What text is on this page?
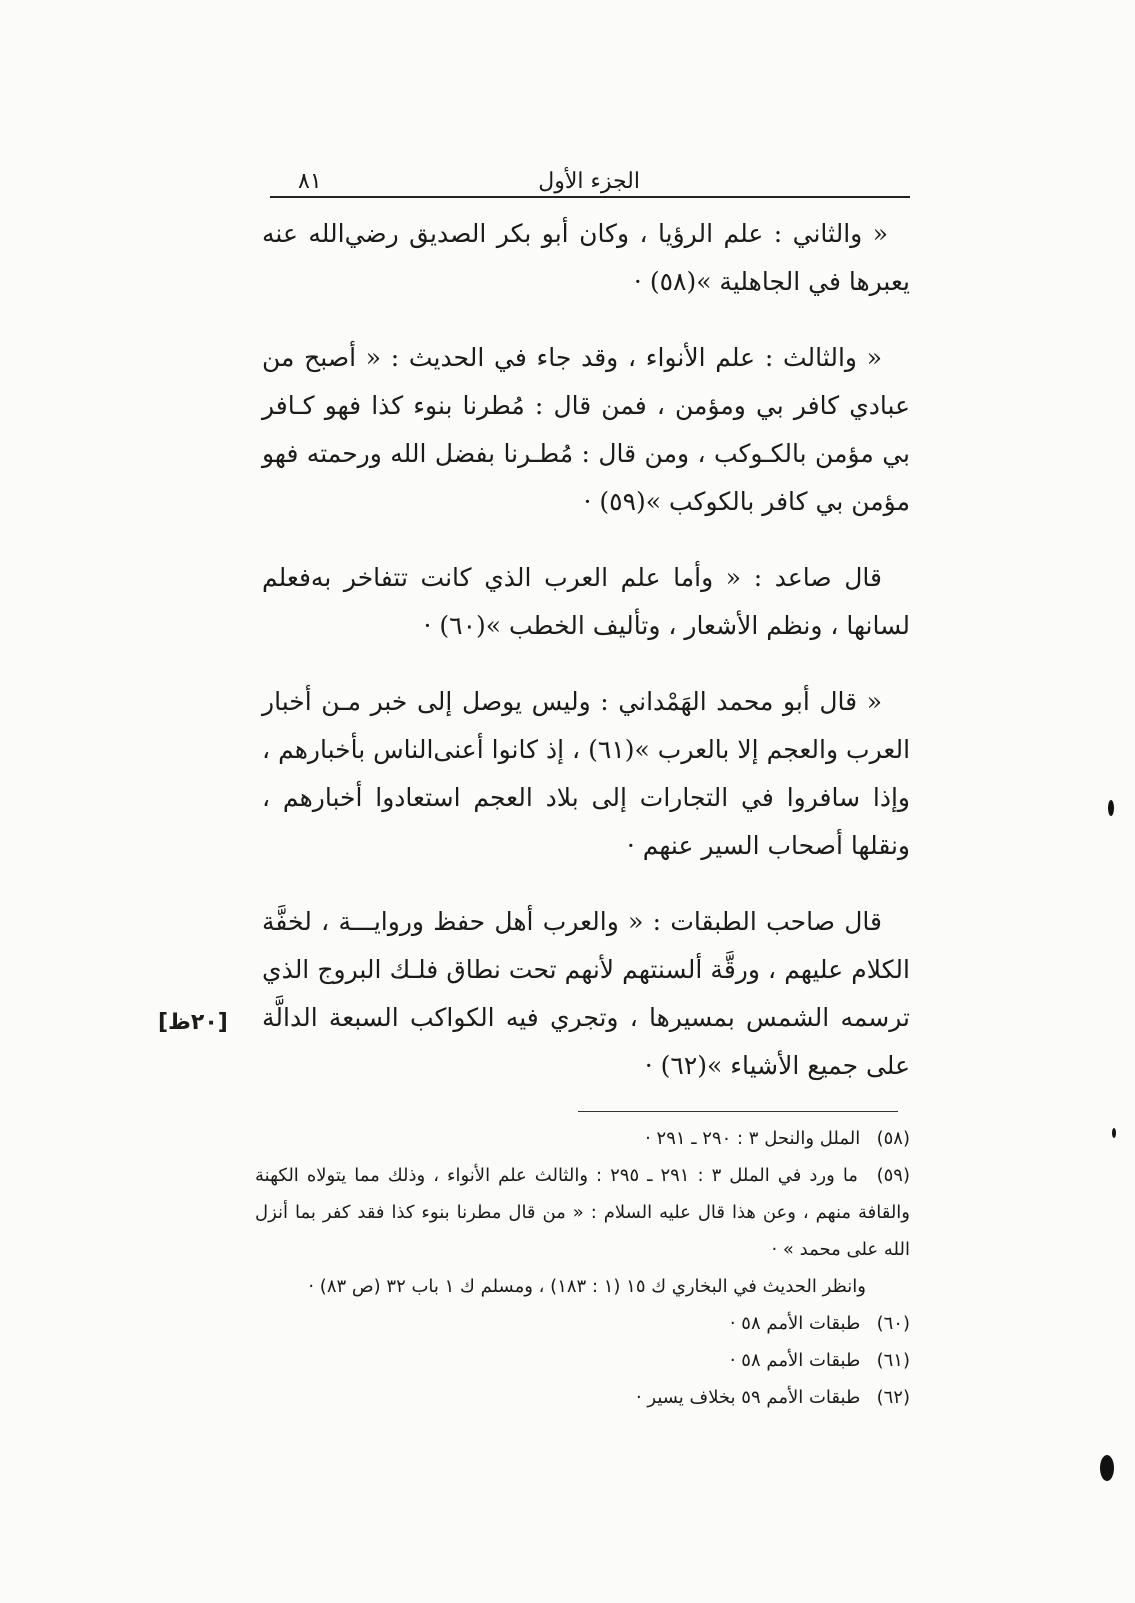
٨١	الجزء الأول

« والثاني : علم الرؤيا ، وكان أبو بكر الصديق رضي‌الله عنه يعبرها في الجاهلية »(٥٨) ·

« والثالث : علم الأنواء ، وقد جاء في الحديث : « أصبح من عبادي كافر بي ومؤمن ، فمن قال : مُطرنا بنوء كذا فهو كـافر بي مؤمن بالكـوكب ، ومن قال : مُطـرنا بفضل الله ورحمته فهو مؤمن بي كافر بالكوكب »(٥٩) ·

قال صاعد : « وأما علم العرب الذي كانت تتفاخر به‌فعلم لسانها ، ونظم الأشعار ، وتأليف الخطب »(٦٠) ·

« قال أبو محمد الهَمْداني : وليس يوصل إلى خبر مـن أخبار العرب والعجم إلا بالعرب »(٦١) ، إذ كانوا أعنى‌الناس بأخبارهم ، وإذا سافروا في التجارات إلى بلاد العجم استعادوا أخبارهم ، ونقلها أصحاب السير عنهم ·

قال صاحب الطبقات : « والعرب أهل حفظ وروايـــة ، لخفَّة الكلام عليهم ، ورقَّة ألسنتهم لأنهم تحت نطاق فلـك البروج الذي ترسمه الشمس بمسيرها ، وتجري فيه الكواكب السبعة الدالَّة على جميع الأشياء »(٦٢) ·

[٢٠ظ]

(٥٨) الملل والنحل ٣ : ٢٩٠ ـ ٢٩١ ·

(٥٩) ما ورد في الملل ٣ : ٢٩١ ـ ٢٩٥ : والثالث علم الأنواء ، وذلك مما يتولاه الكهنة والقافة منهم ، وعن هذا قال عليه السلام : « من قال مطرنا بنوء كذا فقد كفر بما أنزل الله على محمد » ·

وانظر الحديث في البخاري ك ١٥ (١ : ١٨٣) ، ومسلم ك ١ باب ٣٢ (ص ٨٣) ·

(٦٠) طبقات الأمم ٥٨ ·

(٦١) طبقات الأمم ٥٨ ·

(٦٢) طبقات الأمم ٥٩ بخلاف يسير ·
